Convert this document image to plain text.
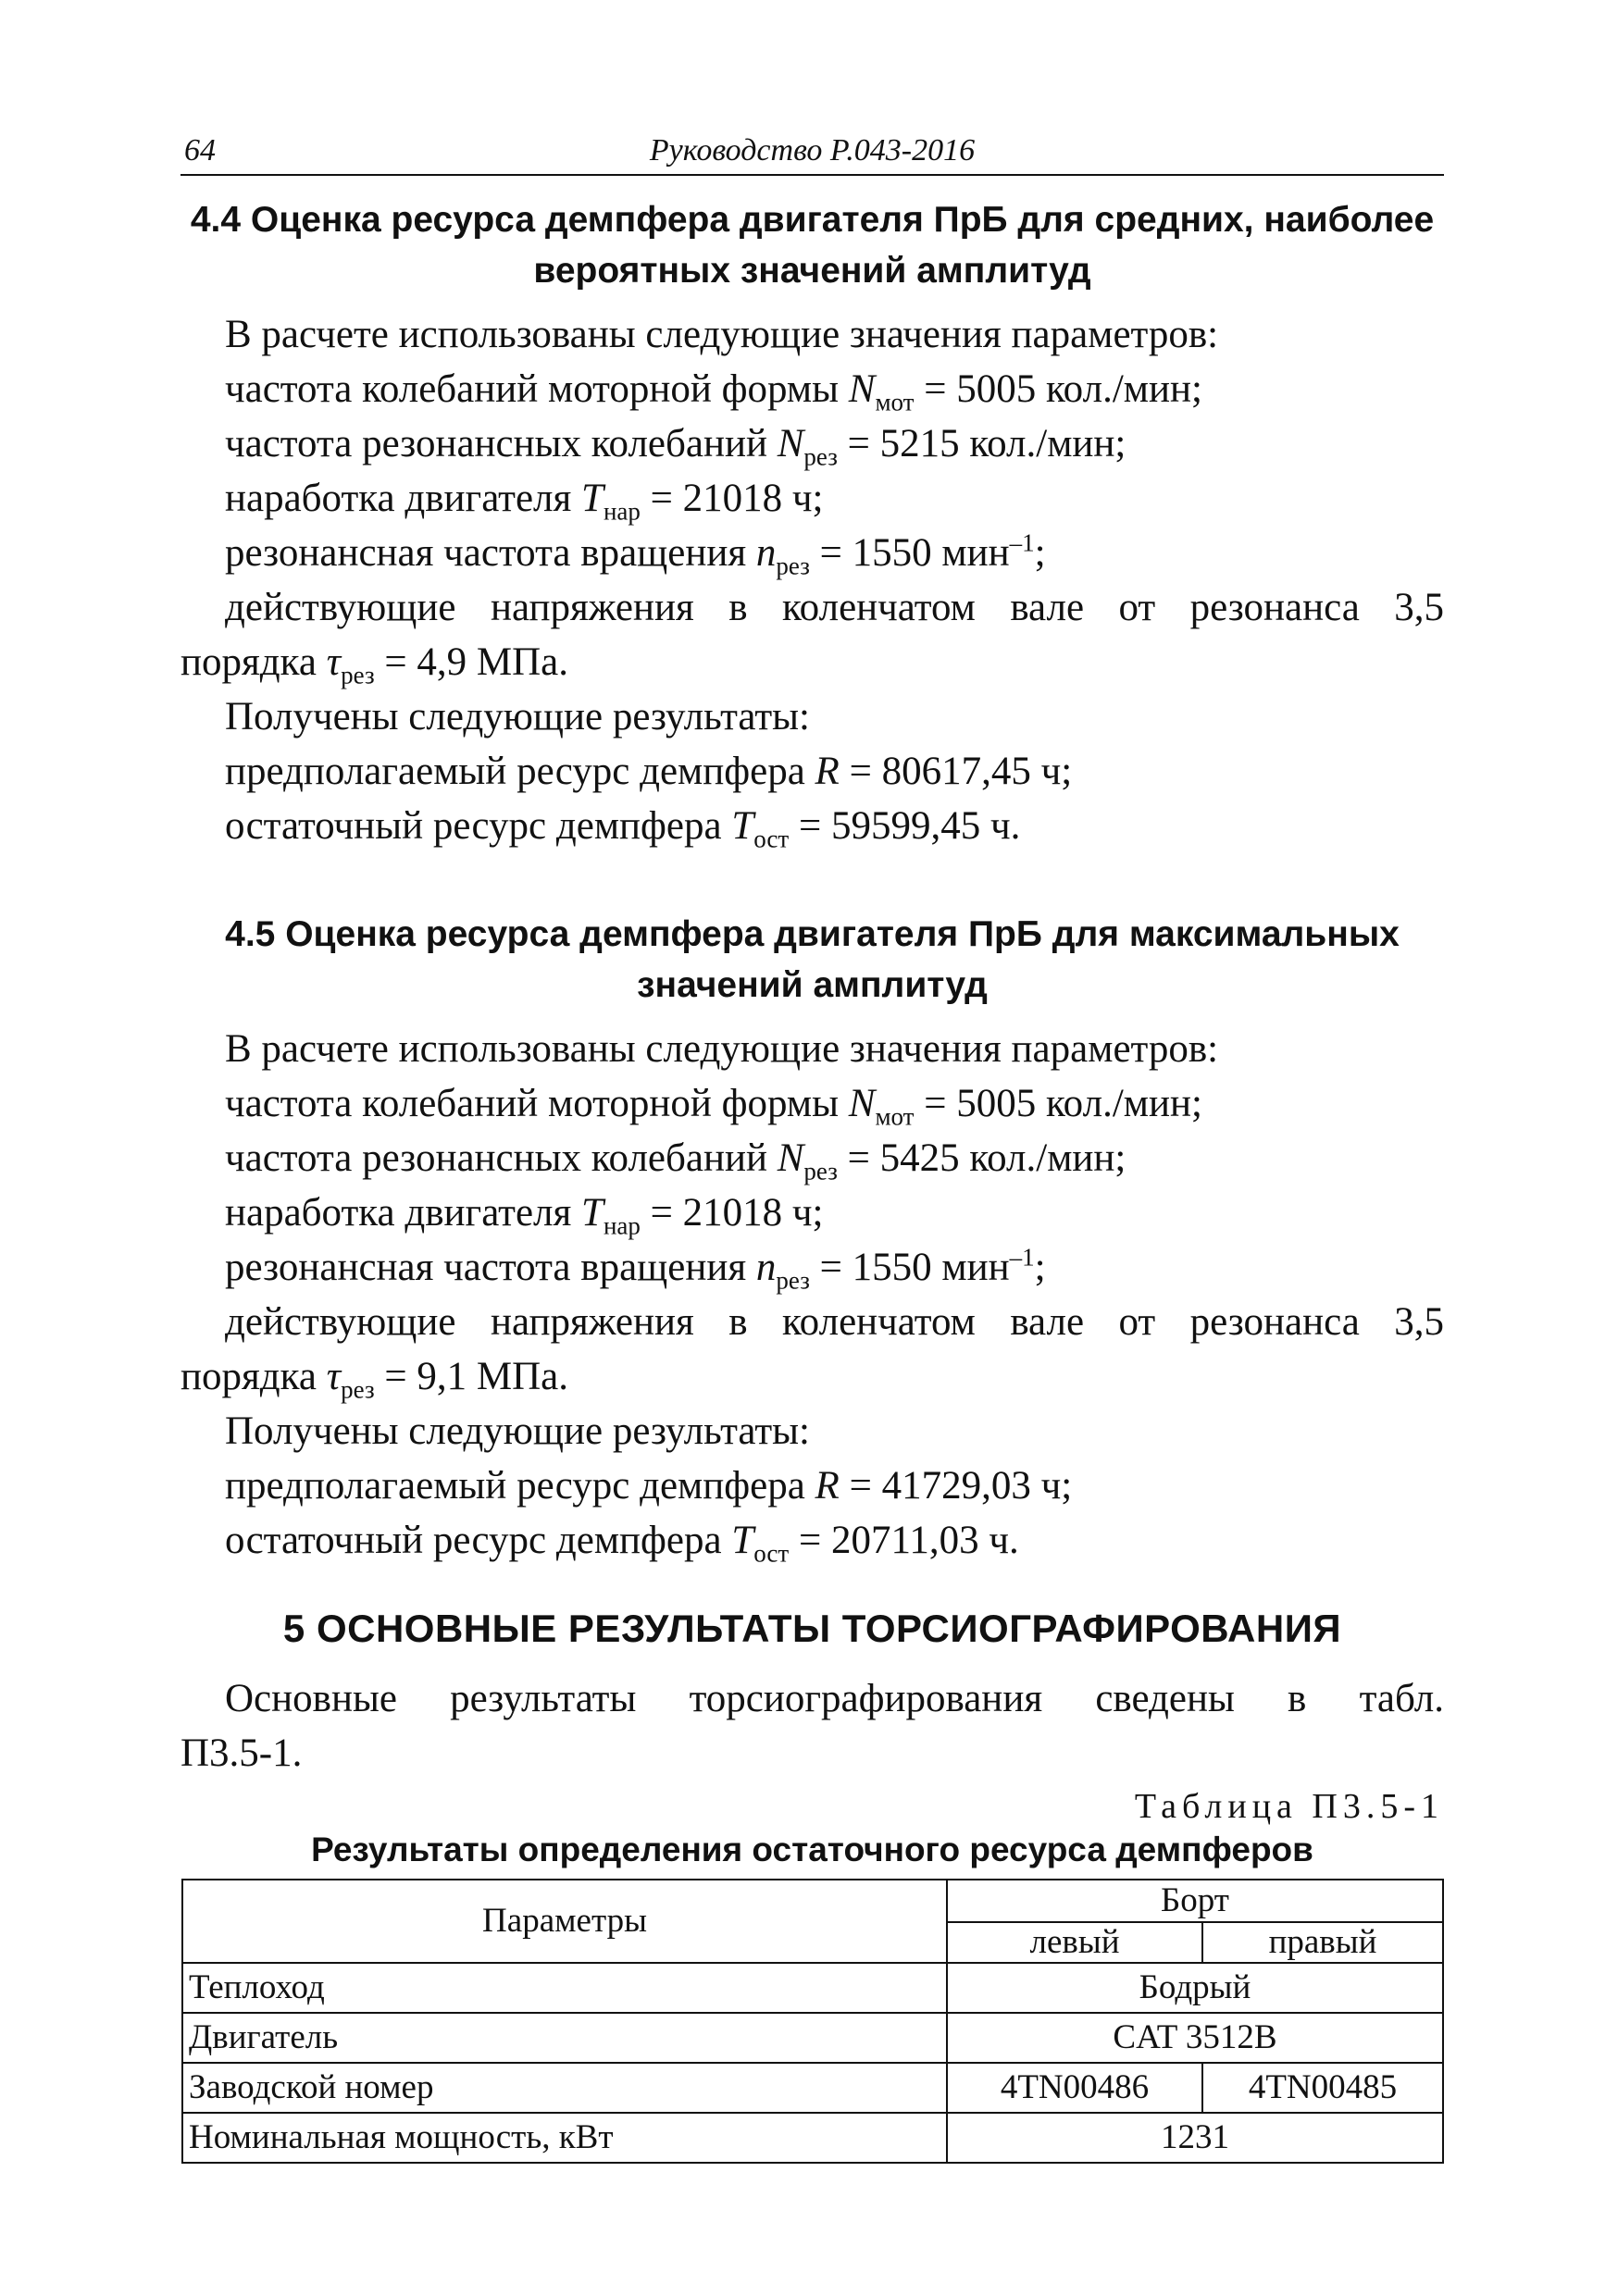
64	Руководство Р.043-2016
4.4 Оценка ресурса демпфера двигателя ПрБ для средних, наиболее
вероятных значений амплитуд
В расчете использованы следующие значения параметров:
частота колебаний моторной формы $N_{мот} = 5005$ кол./мин;
частота резонансных колебаний $N_{рез} = 5215$ кол./мин;
наработка двигателя $T_{нар} = 21018$ ч;
резонансная частота вращения $n_{рез} = 1550$ мин$^{-1}$;
действующие напряжения в коленчатом вале от резонанса 3,5
порядка $\tau_{рез} = 4,9$ МПа.
Получены следующие результаты:
предполагаемый ресурс демпфера R = 80617,45 ч;
остаточный ресурс демпфера $T_{ост} = 59599,45$ ч.
4.5 Оценка ресурса демпфера двигателя ПрБ для максимальных
значений амплитуд
В расчете использованы следующие значения параметров:
частота колебаний моторной формы $N_{мот} = 5005$ кол./мин;
частота резонансных колебаний $N_{рез} = 5425$ кол./мин;
наработка двигателя $T_{нар} = 21018$ ч;
резонансная частота вращения $n_{рез} = 1550$ мин$^{-1}$;
действующие напряжения в коленчатом вале от резонанса 3,5
порядка $\tau_{рез} = 9,1$ МПа.
Получены следующие результаты:
предполагаемый ресурс демпфера R = 41729,03 ч;
остаточный ресурс демпфера $T_{ост} = 20711,03$ ч.
5 ОСНОВНЫЕ РЕЗУЛЬТАТЫ ТОРСИОГРАФИРОВАНИЯ
Основные результаты торсиографирования сведены в табл.
П3.5-1.
Таблица П3.5-1
Результаты определения остаточного ресурса демпферов
Параметры	Борт	
	левый	правый
Теплоход	Бодрый	
Двигатель	CAT 3512B	
Заводской номер	4TN00486	4TN00485
Номинальная мощность, кВт	1231	
